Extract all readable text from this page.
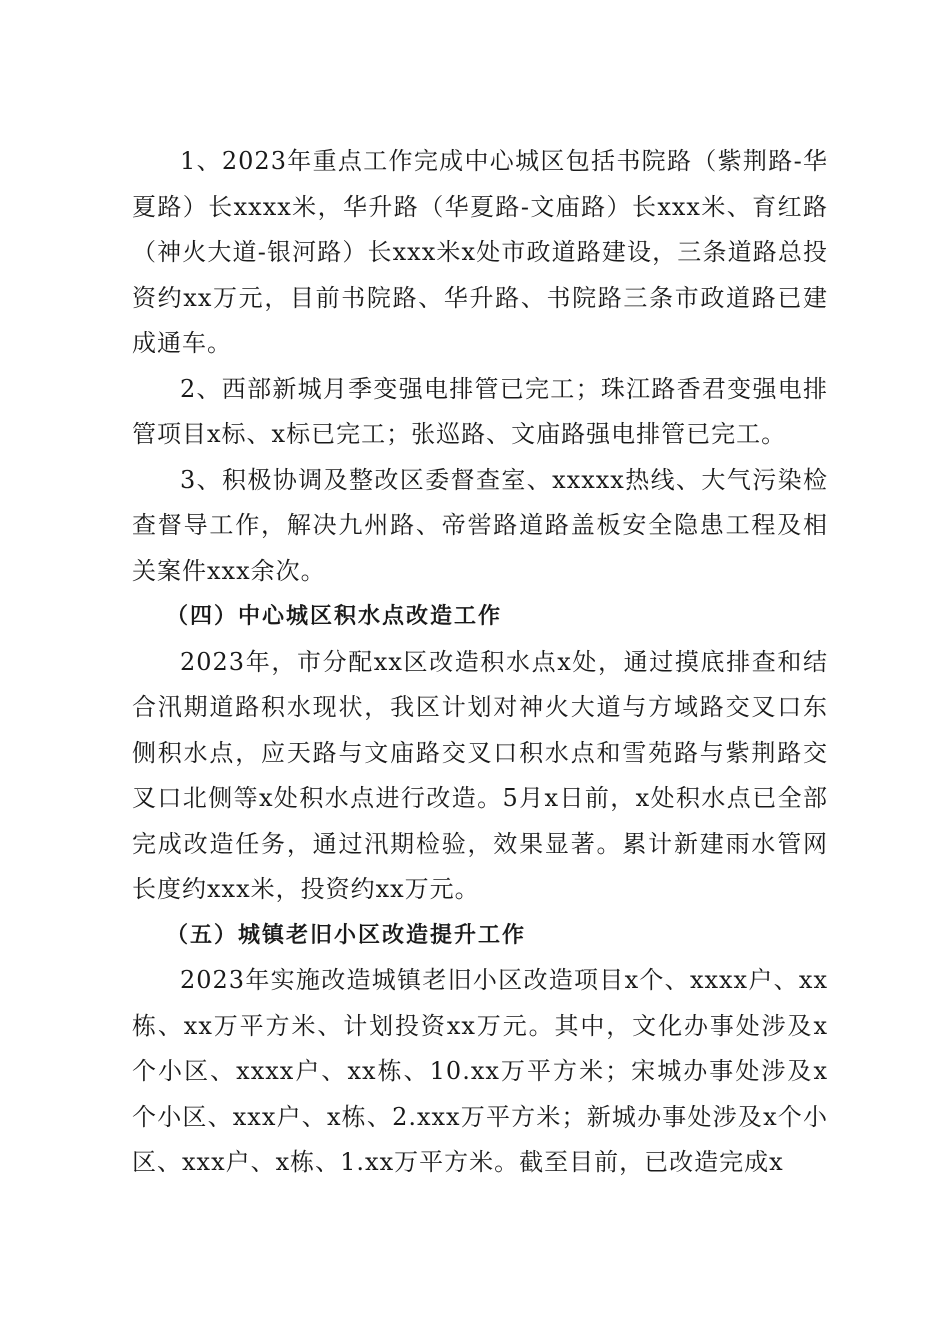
1、2023年重点工作完成中心城区包括书院路（紫荆路-华夏路）长xxxx米，华升路（华夏路-文庙路）长xxx米、育红路（神火大道-银河路）长xxx米x处市政道路建设，三条道路总投资约xx万元，目前书院路、华升路、书院路三条市政道路已建成通车。

2、西部新城月季变强电排管已完工；珠江路香君变强电排管项目x标、x标已完工；张巡路、文庙路强电排管已完工。

3、积极协调及整改区委督查室、xxxxx热线、大气污染检查督导工作，解决九州路、帝喾路道路盖板安全隐患工程及相关案件xxx余次。

（四）中心城区积水点改造工作

2023年，市分配xx区改造积水点x处，通过摸底排查和结合汛期道路积水现状，我区计划对神火大道与方域路交叉口东侧积水点，应天路与文庙路交叉口积水点和雪苑路与紫荆路交叉口北侧等x处积水点进行改造。5月x日前，x处积水点已全部完成改造任务，通过汛期检验，效果显著。累计新建雨水管网长度约xxx米，投资约xx万元。

（五）城镇老旧小区改造提升工作

2023年实施改造城镇老旧小区改造项目x个、xxxx户、xx栋、xx万平方米、计划投资xx万元。其中，文化办事处涉及x个小区、xxxx户、xx栋、10.xx万平方米；宋城办事处涉及x个小区、xxx户、x栋、2.xxx万平方米；新城办事处涉及x个小区、xxx户、x栋、1.xx万平方米。截至目前，已改造完成x
